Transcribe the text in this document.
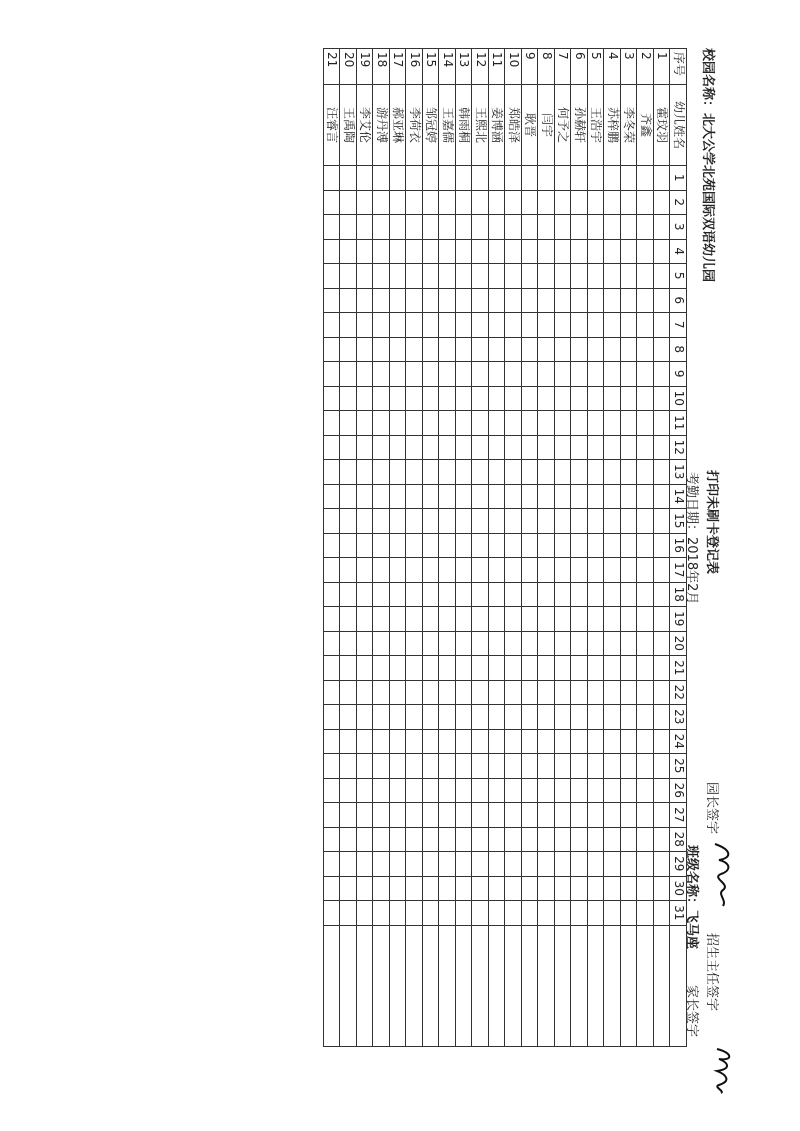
校园名称：北大公学北苑国际双语幼儿园
打印未刷卡登记表
考勤日期：2018年2月
园长签字
招生主任签字
班级名称：飞马座
家长签字
序号	幼儿姓名	1	2	3	4	5	6	7	8	9	10	11	12	13	14	15	16	17	18	19	20	21	22	23	24	25	26	27	28	29	30	31	
1	霍玟羽																																
2	齐鑫																																
3	李冬荣																																
4	苏梓鹏																																
5	王浩宇																																
6	孙赫轩																																
7	何予之																																
8	闫宇																																
9	耿晋																																
10	郑皓泽																																
11	姜博涵																																
12	王熙北																																
13	韩雨桐																																
14	王嘉儒																																
15	邹冠婷																																
16	李荷衣																																
17	郝亚琳																																
18	游丹溥																																
19	李艾伦																																
20	王禹陶																																
21	汪睿言																																
